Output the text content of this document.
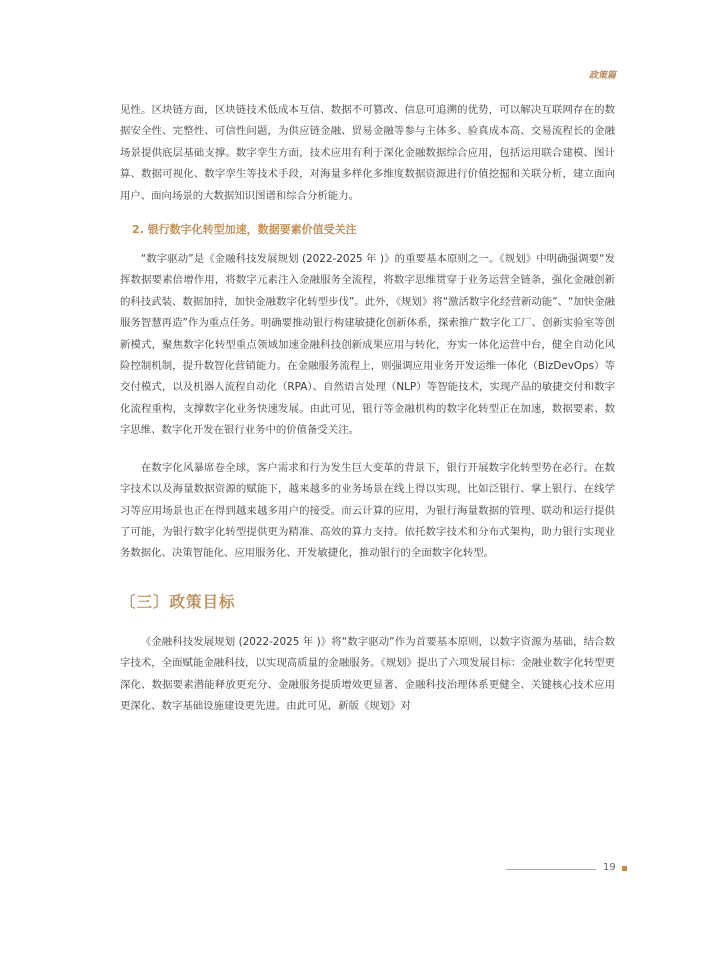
政策篇

见性。区块链方面，区块链技术低成本互信、数据不可篡改、信息可追溯的优势，可以解决互联网存在的数据安全性、完整性、可信性问题，为供应链金融、贸易金融等参与主体多、验真成本高、交易流程长的金融场景提供底层基础支撑。数字孪生方面，技术应用有利于深化金融数据综合应用，包括运用联合建模、图计算、数据可视化、数字孪生等技术手段，对海量多样化多维度数据资源进行价值挖掘和关联分析，建立面向用户、面向场景的大数据知识图谱和综合分析能力。

2. 银行数字化转型加速，数据要素价值受关注

“数字驱动”是《金融科技发展规划 (2022-2025 年 )》的重要基本原则之一。《规划》中明确强调要“发挥数据要素倍增作用，将数字元素注入金融服务全流程，将数字思维贯穿于业务运营全链条，强化金融创新的科技武装、数据加持，加快金融数字化转型步伐”。此外，《规划》将“激活数字化经营新动能”、“加快金融服务智慧再造”作为重点任务。明确要推动银行构建敏捷化创新体系，探索推广数字化工厂、创新实验室等创新模式，聚焦数字化转型重点领域加速金融科技创新成果应用与转化，夯实一体化运营中台，健全自动化风险控制机制，提升数智化营销能力。在金融服务流程上，则强调应用业务开发运维一体化（BizDevOps）等交付模式，以及机器人流程自动化（RPA）、自然语言处理（NLP）等智能技术，实现产品的敏捷交付和数字化流程重构，支撑数字化业务快速发展。由此可见，银行等金融机构的数字化转型正在加速，数据要素、数字思维、数字化开发在银行业务中的价值备受关注。

在数字化风暴席卷全球，客户需求和行为发生巨大变革的背景下，银行开展数字化转型势在必行。在数字技术以及海量数据资源的赋能下，越来越多的业务场景在线上得以实现，比如泛银行、掌上银行、在线学习等应用场景也正在得到越来越多用户的接受。而云计算的应用，为银行海量数据的管理、联动和运行提供了可能，为银行数字化转型提供更为精准、高效的算力支持。依托数字技术和分布式架构，助力银行实现业务数据化、决策智能化、应用服务化、开发敏捷化，推动银行的全面数字化转型。

〔三〕政策目标

《金融科技发展规划 (2022-2025 年 )》将“数字驱动”作为首要基本原则，以数字资源为基础，结合数字技术，全面赋能金融科技，以实现高质量的金融服务。《规划》提出了六项发展目标：金融业数字化转型更深化、数据要素潜能释放更充分、金融服务提质增效更显著、金融科技治理体系更健全、关键核心技术应用更深化、数字基础设施建设更先进。由此可见，新版《规划》对

19
